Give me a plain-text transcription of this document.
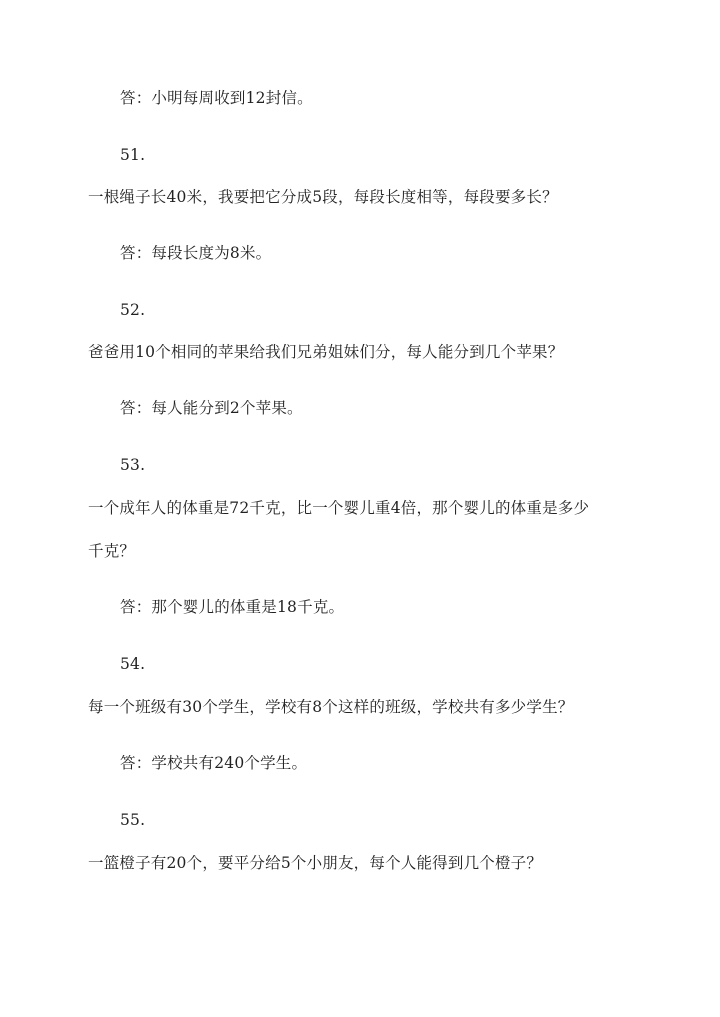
答：小明每周收到12封信。
51.
一根绳子长40米，我要把它分成5段，每段长度相等，每段要多长？
答：每段长度为8米。
52.
爸爸用10个相同的苹果给我们兄弟姐妹们分，每人能分到几个苹果？
答：每人能分到2个苹果。
53.
一个成年人的体重是72千克，比一个婴儿重4倍，那个婴儿的体重是多少
千克？
答：那个婴儿的体重是18千克。
54.
每一个班级有30个学生，学校有8个这样的班级，学校共有多少学生？
答：学校共有240个学生。
55.
一篮橙子有20个，要平分给5个小朋友，每个人能得到几个橙子？
